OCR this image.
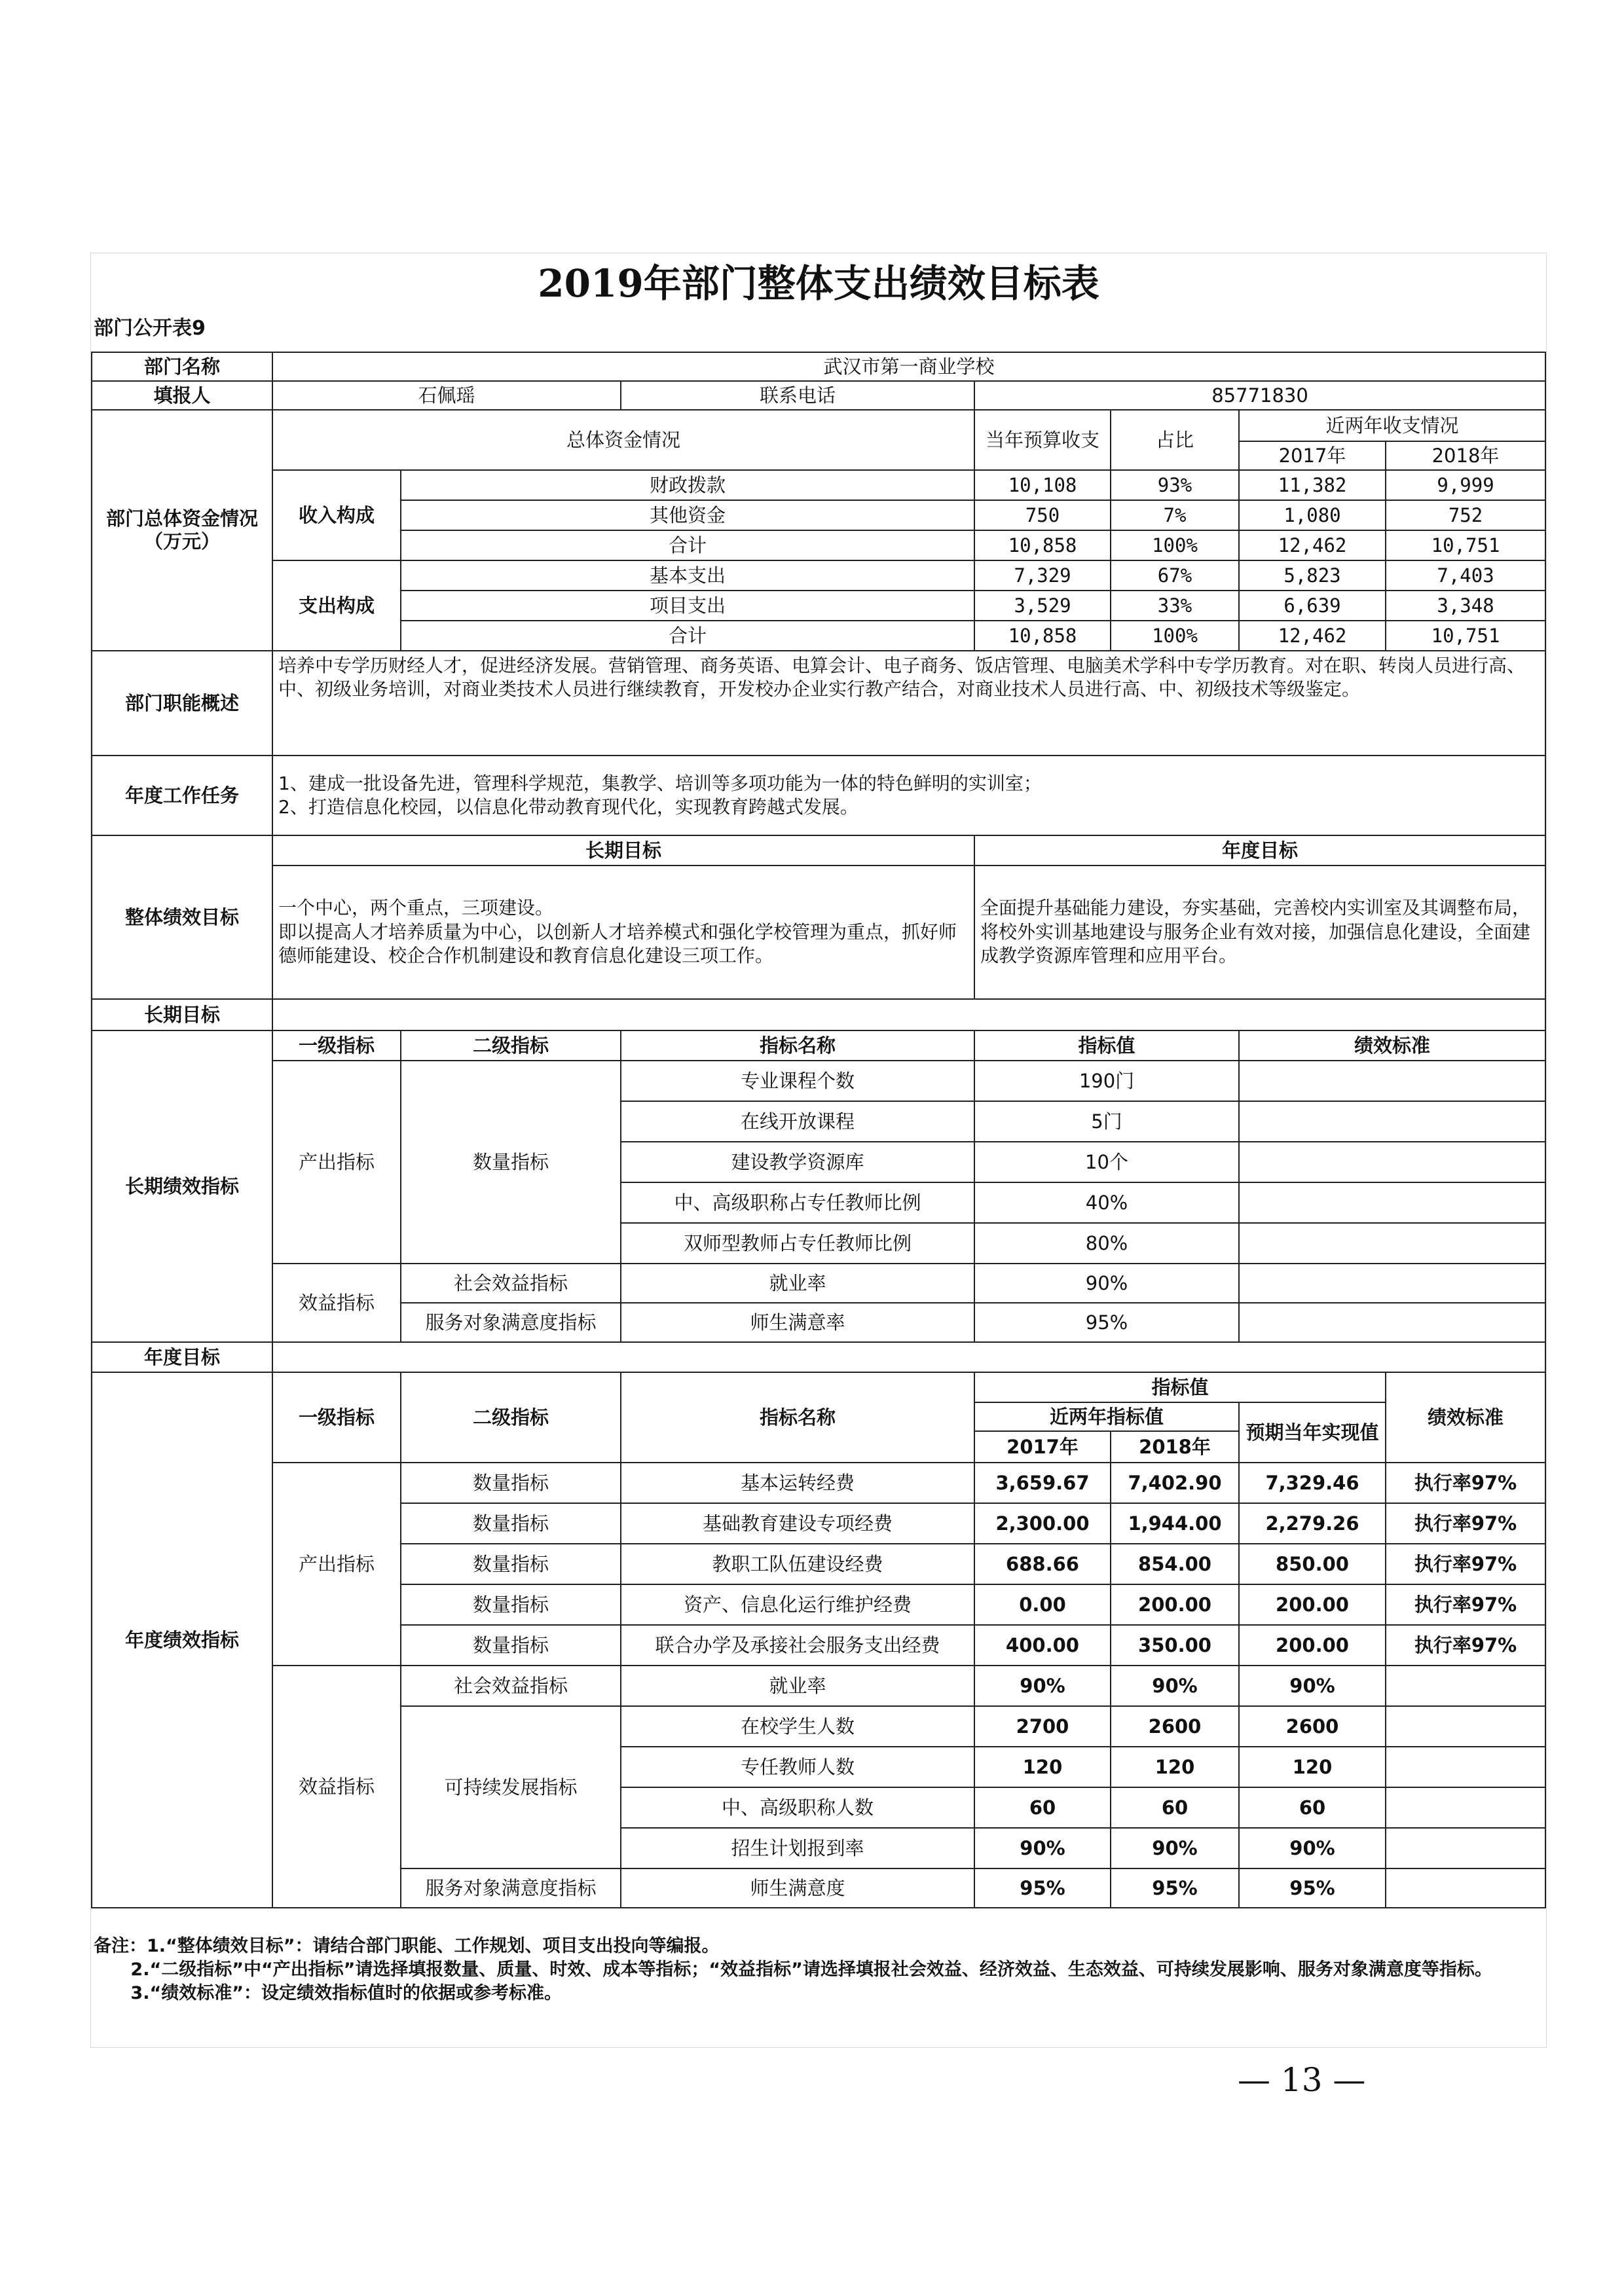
2019年部门整体支出绩效目标表
部门公开表9
部门名称	武汉市第一商业学校						
填报人	石佩瑶		联系电话	85771830			
部门总体资金情况（万元）	总体资金情况			当年预算收支	占比	近两年收支情况	
						2017年	2018年
	收入构成	财政拨款		10,108	93%	11,382	9,999
		其他资金		750	7%	1,080	752
		合计		10,858	100%	12,462	10,751
	支出构成	基本支出		7,329	67%	5,823	7,403
		项目支出		3,529	33%	6,639	3,348
		合计		10,858	100%	12,462	10,751
部门职能概述	培养中专学历财经人才，促进经济发展。营销管理、商务英语、电算会计、电子商务、饭店管理、电脑美术学科中专学历教育。对在职、转岗人员进行高、中、初级业务培训，对商业类技术人员进行继续教育，开发校办企业实行教产结合，对商业技术人员进行高、中、初级技术等级鉴定。						
年度工作任务	1、建成一批设备先进，管理科学规范，集教学、培训等多项功能为一体的特色鲜明的实训室；
2、打造信息化校园，以信息化带动教育现代化，实现教育跨越式发展。						
整体绩效目标	长期目标			年度目标			
	一个中心，两个重点，三项建设。
即以提高人才培养质量为中心，以创新人才培养模式和强化学校管理为重点，抓好师德师能建设、校企合作机制建设和教育信息化建设三项工作。			全面提升基础能力建设，夯实基础，完善校内实训室及其调整布局，将校外实训基地建设与服务企业有效对接，加强信息化建设，全面建成教学资源库管理和应用平台。			
长期目标							
长期绩效指标	一级指标	二级指标	指标名称	指标值		绩效标准	
	产出指标	数量指标	专业课程个数	190门			
			在线开放课程	5门			
			建设教学资源库	10个			
			中、高级职称占专任教师比例	40%			
			双师型教师占专任教师比例	80%			
	效益指标	社会效益指标	就业率	90%			
		服务对象满意度指标	师生满意率	95%			
年度目标							
年度绩效指标	一级指标	二级指标	指标名称	指标值			绩效标准
				近两年指标值		预期当年实现值	
				2017年	2018年		
	产出指标	数量指标	基本运转经费	3,659.67	7,402.90	7,329.46	执行率97%
		数量指标	基础教育建设专项经费	2,300.00	1,944.00	2,279.26	执行率97%
		数量指标	教职工队伍建设经费	688.66	854.00	850.00	执行率97%
		数量指标	资产、信息化运行维护经费	0.00	200.00	200.00	执行率97%
		数量指标	联合办学及承接社会服务支出经费	400.00	350.00	200.00	执行率97%
	效益指标	社会效益指标	就业率	90%	90%	90%	
		可持续发展指标	在校学生人数	2700	2600	2600	
			专任教师人数	120	120	120	
			中、高级职称人数	60	60	60	
			招生计划报到率	90%	90%	90%	
		服务对象满意度指标	师生满意度	95%	95%	95%	
备注：1.“整体绩效目标”：请结合部门职能、工作规划、项目支出投向等编报。
2.“二级指标”中“产出指标”请选择填报数量、质量、时效、成本等指标；“效益指标”请选择填报社会效益、经济效益、生态效益、可持续发展影响、服务对象满意度等指标。
3.“绩效标准”：设定绩效指标值时的依据或参考标准。
— 13 —
